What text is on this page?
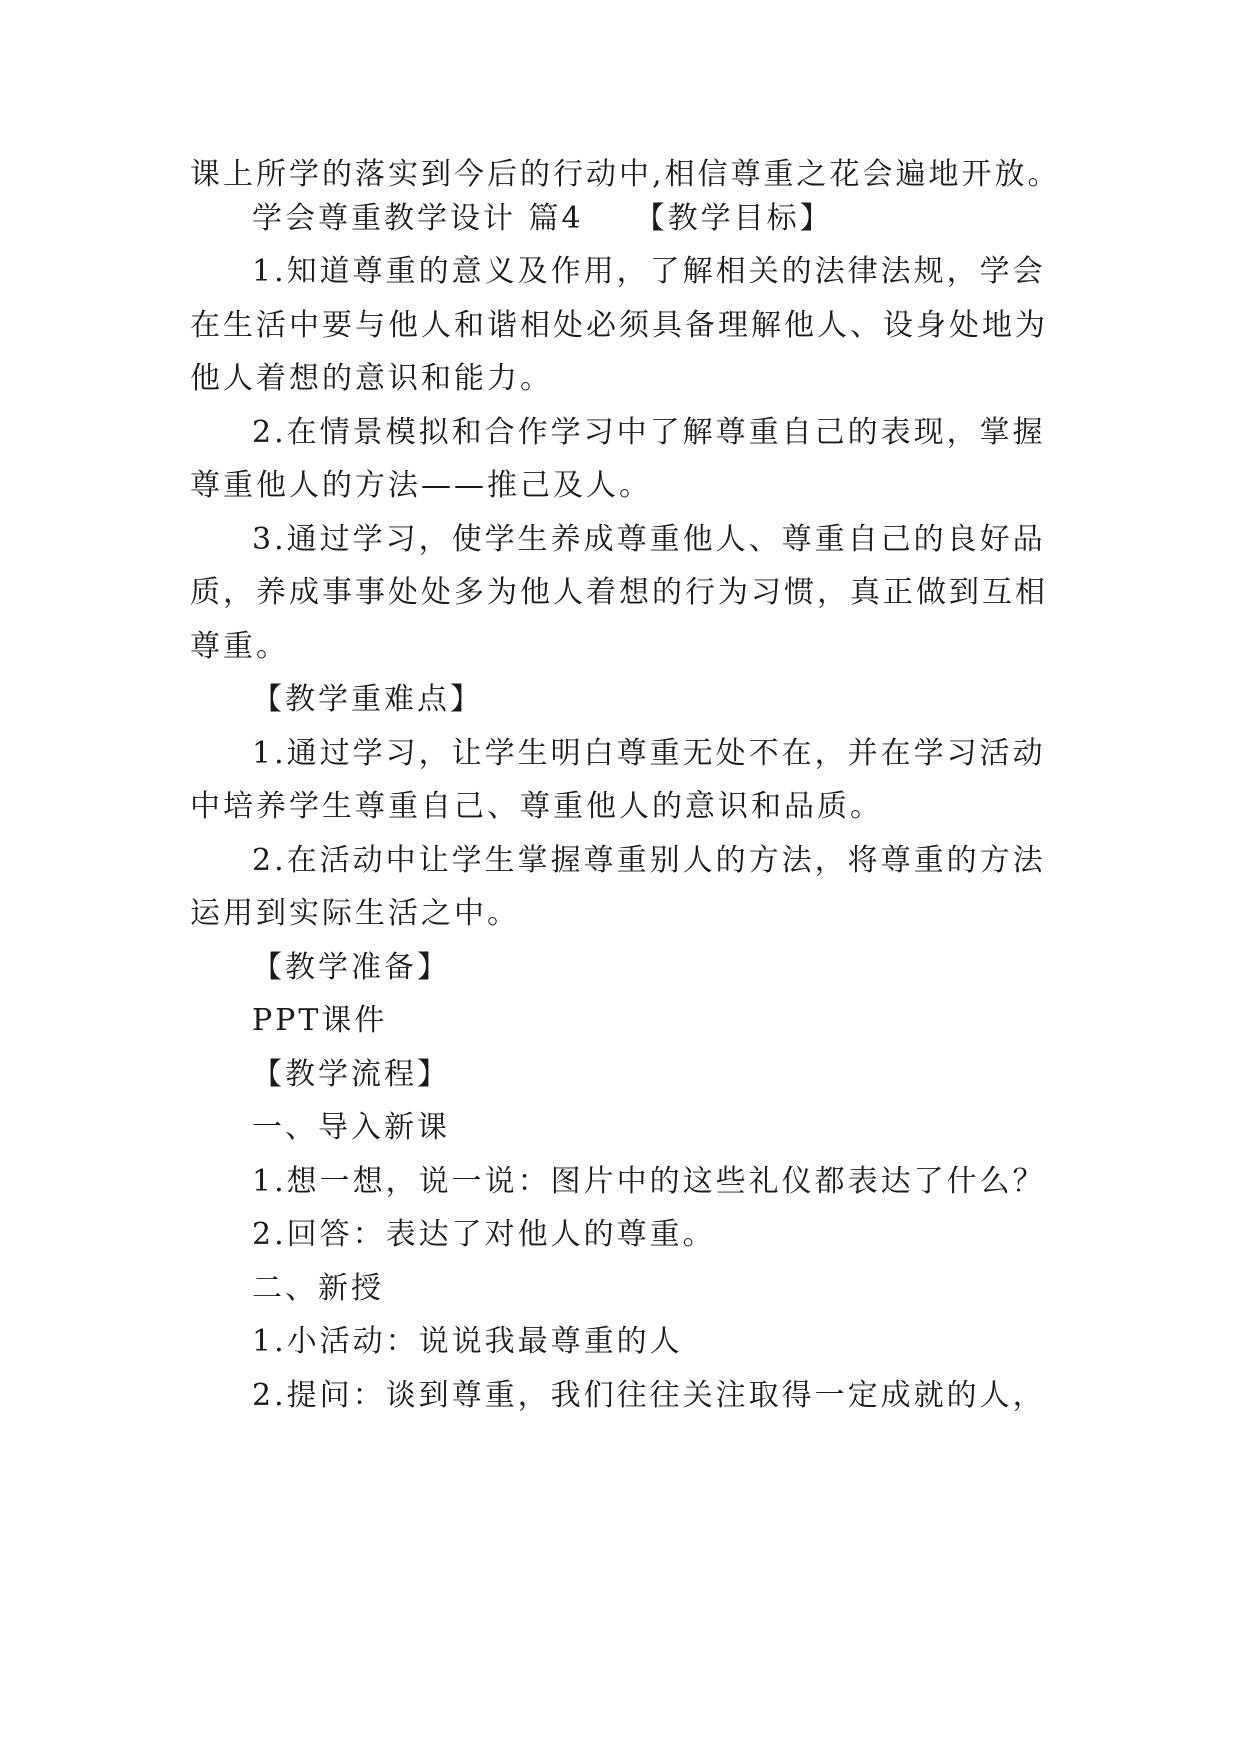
课上所学的落实到今后的行动中,相信尊重之花会遍地开放。
学会尊重教学设计 篇4　　【教学目标】
1.知道尊重的意义及作用，了解相关的法律法规，学会
在生活中要与他人和谐相处必须具备理解他人、设身处地为
他人着想的意识和能力。
2.在情景模拟和合作学习中了解尊重自己的表现，掌握
尊重他人的方法——推己及人。
3.通过学习，使学生养成尊重他人、尊重自己的良好品
质，养成事事处处多为他人着想的行为习惯，真正做到互相
尊重。
【教学重难点】
1.通过学习，让学生明白尊重无处不在，并在学习活动
中培养学生尊重自己、尊重他人的意识和品质。
2.在活动中让学生掌握尊重别人的方法，将尊重的方法
运用到实际生活之中。
【教学准备】
PPT课件
【教学流程】
一、导入新课
1.想一想，说一说：图片中的这些礼仪都表达了什么？
2.回答：表达了对他人的尊重。
二、新授
1.小活动：说说我最尊重的人
2.提问：谈到尊重，我们往往关注取得一定成就的人，
